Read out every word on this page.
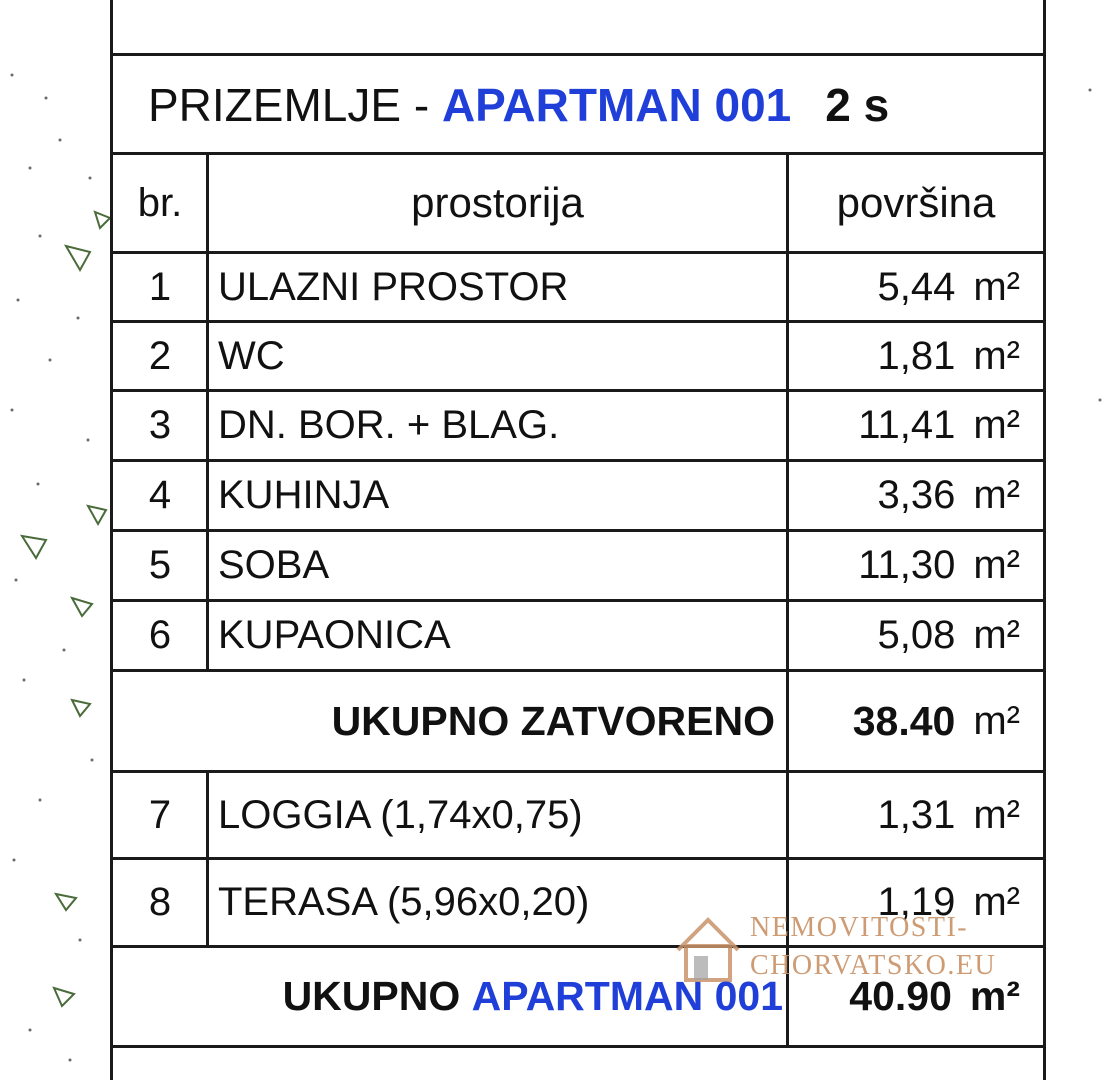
PRIZEMLJE - APARTMAN 001 2 s
br.	prostorija	površina
1	ULAZNI PROSTOR	5,44 m²
2	WC	1,81 m²
3	DN. BOR. + BLAG.	11,41 m²
4	KUHINJA	3,36 m²
5	SOBA	11,30 m²
6	KUPAONICA	5,08 m²
UKUPNO ZATVORENO 38.40 m²
7	LOGGIA (1,74x0,75)	1,31 m²
8	TERASA (5,96x0,20)	1,19 m²
NEMOVITOSTI-
CHORVATSKO.EU
UKUPNO APARTMAN 001 40.90 m²
